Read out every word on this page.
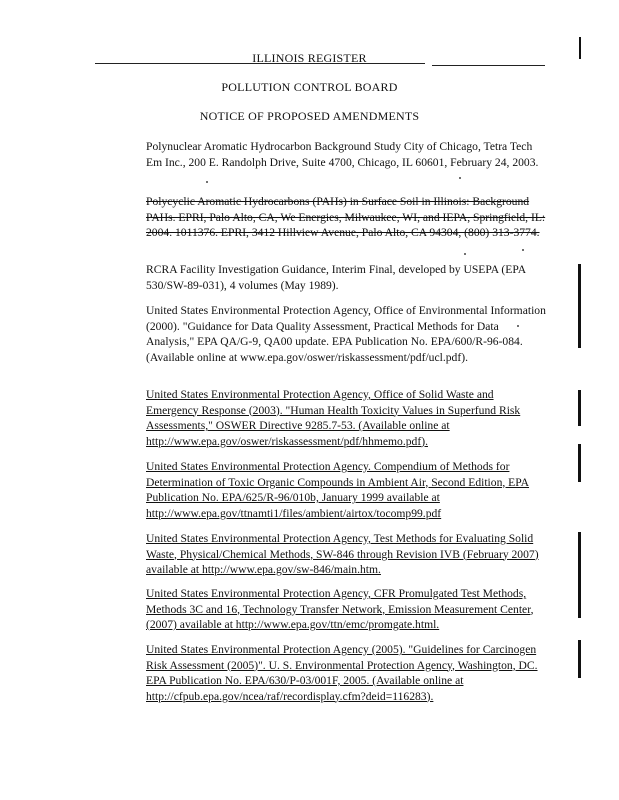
ILLINOIS REGISTER
POLLUTION CONTROL BOARD
NOTICE OF PROPOSED AMENDMENTS

Polynuclear Aromatic Hydrocarbon Background Study City of Chicago, Tetra Tech Em Inc., 200 E. Randolph Drive, Suite 4700, Chicago, IL 60601, February 24, 2003.

Polycyclic Aromatic Hydrocarbons (PAHs) in Surface Soil in Illinois: Background PAHs. EPRI, Palo Alto, CA, We Energies, Milwaukee, WI, and IEPA, Springfield, IL: 2004. 1011376. EPRI, 3412 Hillview Avenue, Palo Alto, CA 94304, (800) 313-3774.

RCRA Facility Investigation Guidance, Interim Final, developed by USEPA (EPA 530/SW-89-031), 4 volumes (May 1989).

United States Environmental Protection Agency, Office of Environmental Information (2000). "Guidance for Data Quality Assessment, Practical Methods for Data Analysis," EPA QA/G-9, QA00 update. EPA Publication No. EPA/600/R-96-084. (Available online at www.epa.gov/oswer/riskassessment/pdf/ucl.pdf).

United States Environmental Protection Agency, Office of Solid Waste and Emergency Response (2003). "Human Health Toxicity Values in Superfund Risk Assessments," OSWER Directive 9285.7-53. (Available online at http://www.epa.gov/oswer/riskassessment/pdf/hhmemo.pdf).

United States Environmental Protection Agency. Compendium of Methods for Determination of Toxic Organic Compounds in Ambient Air, Second Edition, EPA Publication No. EPA/625/R-96/010b, January 1999 available at http://www.epa.gov/ttnamti1/files/ambient/airtox/tocomp99.pdf

United States Environmental Protection Agency, Test Methods for Evaluating Solid Waste, Physical/Chemical Methods, SW-846 through Revision IVB (February 2007) available at http://www.epa.gov/sw-846/main.htm.

United States Environmental Protection Agency, CFR Promulgated Test Methods, Methods 3C and 16, Technology Transfer Network, Emission Measurement Center, (2007) available at http://www.epa.gov/ttn/emc/promgate.html.

United States Environmental Protection Agency (2005). "Guidelines for Carcinogen Risk Assessment (2005)". U. S. Environmental Protection Agency, Washington, DC. EPA Publication No. EPA/630/P-03/001F, 2005. (Available online at http://cfpub.epa.gov/ncea/raf/recordisplay.cfm?deid=116283).
